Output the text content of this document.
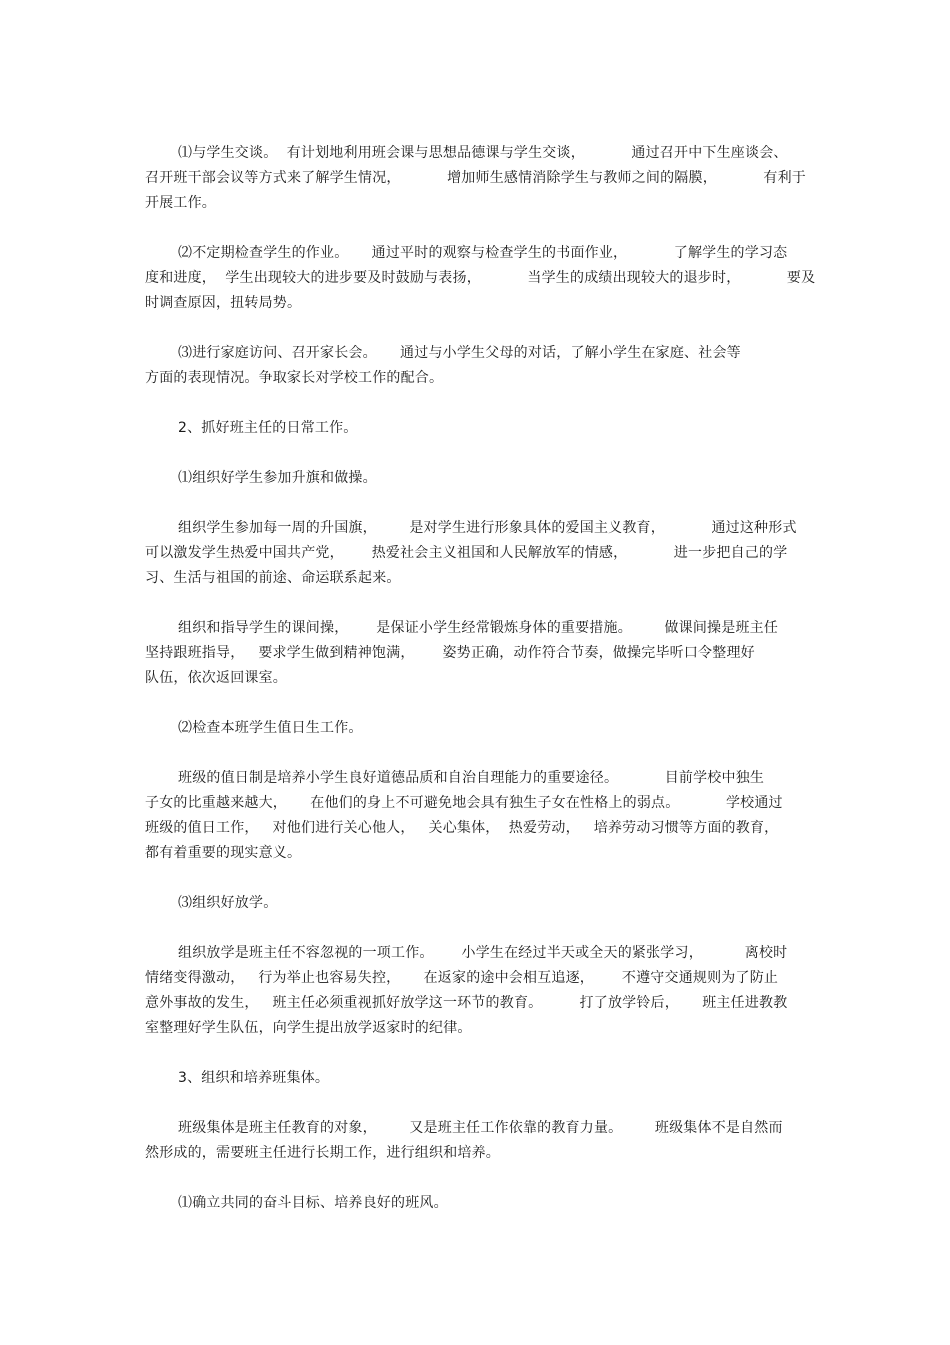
⑴与学生交谈。  有计划地利用班会课与思想品德课与学生交谈，          通过召开中下生座谈会、
召开班干部会议等方式来了解学生情况，          增加师生感情消除学生与教师之间的隔膜，          有利于
开展工作。
⑵不定期检查学生的作业。     通过平时的观察与检查学生的书面作业，          了解学生的学习态
度和进度，  学生出现较大的进步要及时鼓励与表扬，          当学生的成绩出现较大的退步时，          要及
时调查原因，扭转局势。
⑶进行家庭访问、召开家长会。     通过与小学生父母的对话，了解小学生在家庭、社会等
方面的表现情况。争取家长对学校工作的配合。
2、抓好班主任的日常工作。
⑴组织好学生参加升旗和做操。
组织学生参加每一周的升国旗，       是对学生进行形象具体的爱国主义教育，          通过这种形式
可以激发学生热爱中国共产党，      热爱社会主义祖国和人民解放军的情感，          进一步把自己的学
习、生活与祖国的前途、命运联系起来。
组织和指导学生的课间操，      是保证小学生经常锻炼身体的重要措施。       做课间操是班主任
坚持跟班指导，   要求学生做到精神饱满，      姿势正确，动作符合节奏，做操完毕听口令整理好
队伍，依次返回课室。
⑵检查本班学生值日生工作。
班级的值日制是培养小学生良好道德品质和自治自理能力的重要途径。          目前学校中独生
子女的比重越来越大，     在他们的身上不可避免地会具有独生子女在性格上的弱点。          学校通过
班级的值日工作，   对他们进行关心他人，   关心集体，  热爱劳动，   培养劳动习惯等方面的教育，
都有着重要的现实意义。
⑶组织好放学。
组织放学是班主任不容忽视的一项工作。      小学生在经过半天或全天的紧张学习，         离校时
情绪变得激动，   行为举止也容易失控，     在返家的途中会相互追逐，      不遵守交通规则为了防止
意外事故的发生，   班主任必须重视抓好放学这一环节的教育。        打了放学铃后，     班主任进教教
室整理好学生队伍，向学生提出放学返家时的纪律。
3、组织和培养班集体。
班级集体是班主任教育的对象，       又是班主任工作依靠的教育力量。       班级集体不是自然而
然形成的，需要班主任进行长期工作，进行组织和培养。
⑴确立共同的奋斗目标、培养良好的班风。
